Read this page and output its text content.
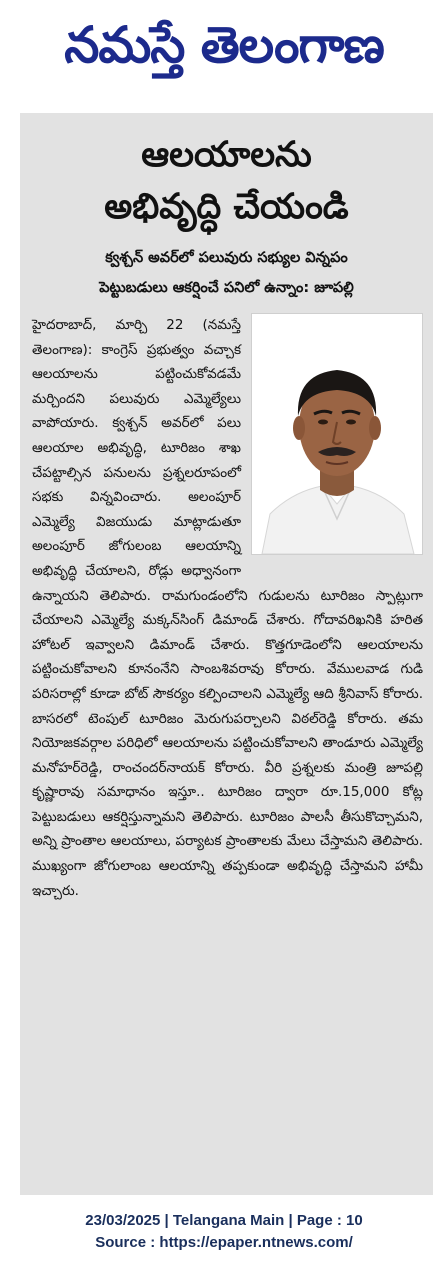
నమస్తే తెలంగాణ
ఆలయాలను
అభివృద్ధి చేయండి
క్వశ్చన్ అవర్‌లో పలువురు సభ్యుల విన్నపం
పెట్టుబడులు ఆకర్షించే పనిలో ఉన్నాం: జూపల్లి
హైదరాబాద్, మార్చి 22 (నమస్తే తెలంగాణ): కాంగ్రెస్ ప్రభుత్వం వచ్చాక ఆలయాలను పట్టించుకోవడమే మర్చిందని పలువురు ఎమ్మెల్యేలు వాపోయారు. క్వశ్చన్ అవర్‌లో పలు ఆలయాల అభివృద్ధి, టూరిజం శాఖ చేపట్టాల్సిన పనులను ప్రశ్నలరూపంలో సభకు విన్నవించారు. అలంపూర్ ఎమ్మెల్యే విజయుడు మాట్లాడుతూ అలంపూర్ జోగులంబ ఆలయాన్ని అభివృద్ధి చేయాలని, రోడ్లు అధ్వానంగా ఉన్నాయని తెలిపారు. రామగుండంలోని గుడులను టూరిజం స్పాట్లుగా చేయాలని ఎమ్మెల్యే మక్కన్‌సింగ్ డిమాండ్ చేశారు. గోదావరిఖనికి హరిత హోటల్ ఇవ్వాలని డిమాండ్ చేశారు. కొత్తగూడెంలోని ఆలయాలను పట్టించుకోవాలని కూనంనేని సాంబశివరావు కోరారు. వేములవాడ గుడి పరిసరాల్లో కూడా బోట్ సౌకర్యం కల్పించాలని ఎమ్మెల్యే ఆది శ్రీనివాస్ కోరారు. బాసరలో టెంపుల్ టూరిజం మెరుగుపర్చాలని విఠల్‌రెడ్డి కోరారు. తమ నియోజకవర్గాల పరిధిలో ఆలయాలను పట్టించుకోవాలని తాండూరు ఎమ్మెల్యే మనోహర్‌రెడ్డి, రాంచందర్‌నాయక్ కోరారు. వీరి ప్రశ్నలకు మంత్రి జూపల్లి కృష్ణారావు సమాధానం ఇస్తూ.. టూరిజం ద్వారా రూ.15,000 కోట్ల పెట్టుబడులు ఆకర్షిస్తున్నామని తెలిపారు. టూరిజం పాలసీ తీసుకొచ్చామని, అన్ని ప్రాంతాల ఆలయాలు, పర్యాటక ప్రాంతాలకు మేలు చేస్తామని తెలిపారు. ముఖ్యంగా జోగులాంబ ఆలయాన్ని తప్పకుండా అభివృద్ధి చేస్తామని హామీ ఇచ్చారు.
23/03/2025 | Telangana Main | Page : 10
Source : https://epaper.ntnews.com/
